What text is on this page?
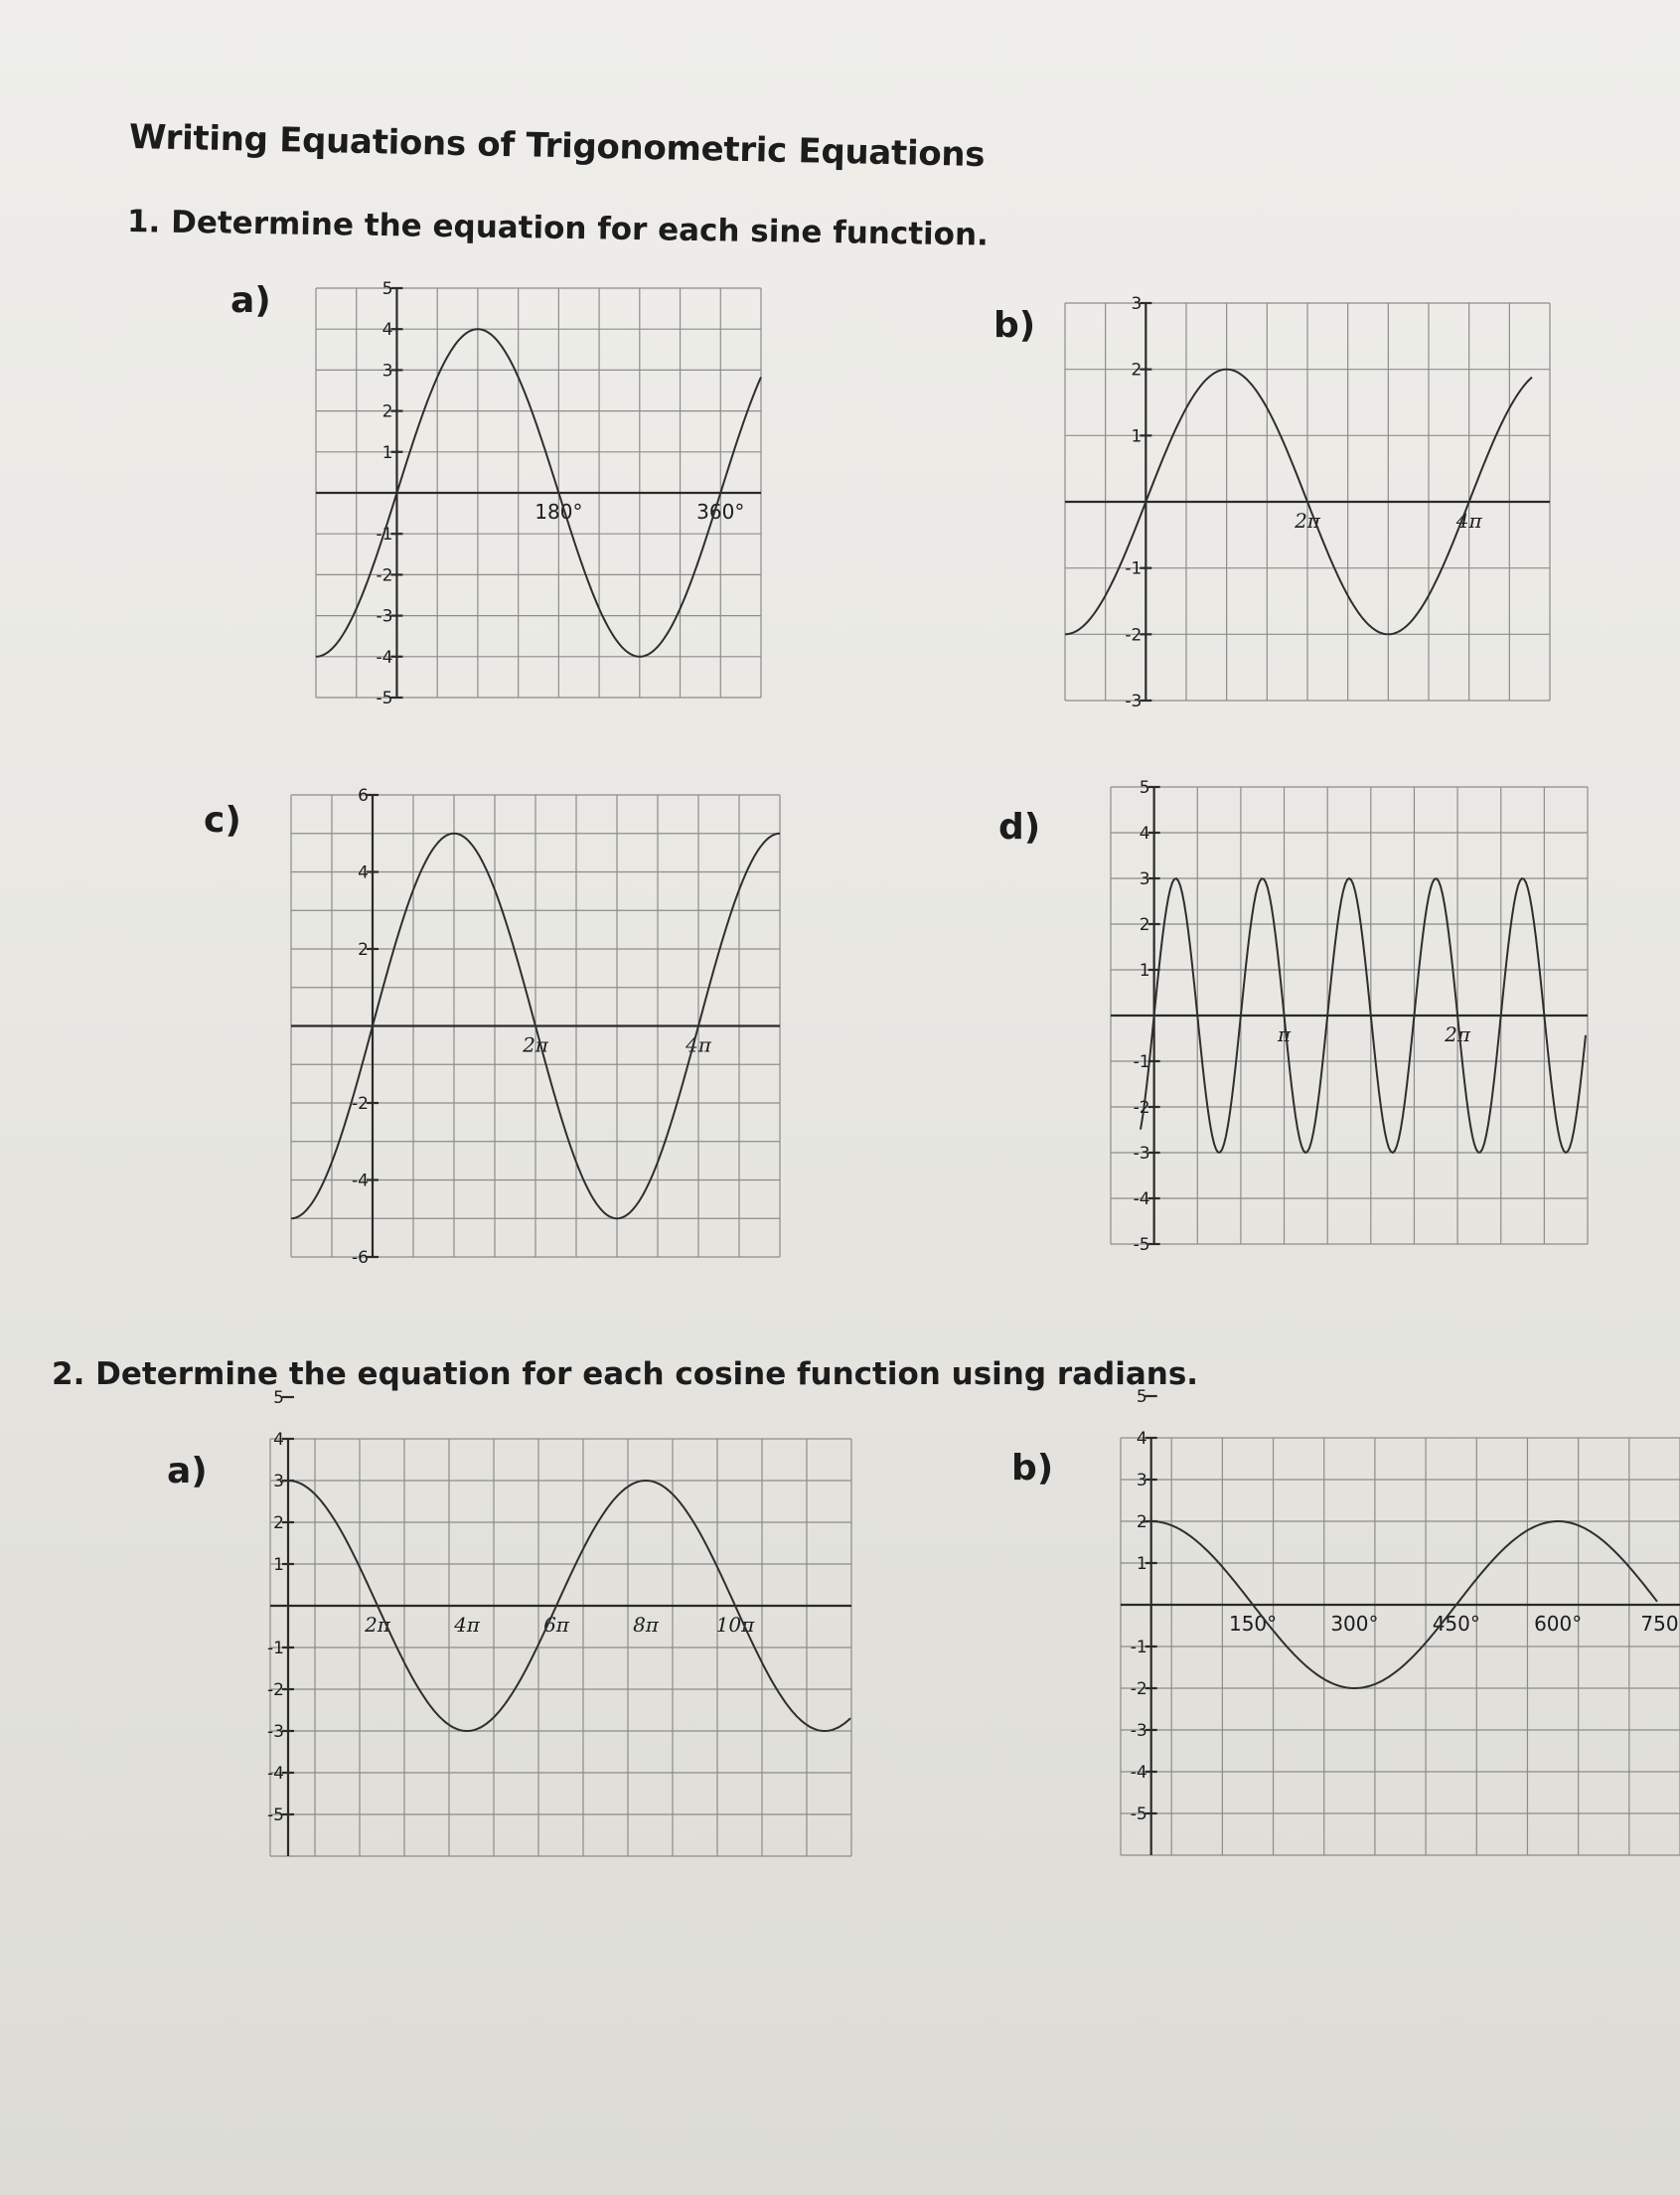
Writing Equations of Trigonometric Equations
1. Determine the equation for each sine function.
a)
b)
c)	d)
5
4
3
2
1
-1
-2
-3
-4
-5
180°	360°
3
2
1
-1
-2
-3
2π	4π
6
4
2
-2
-4
-6
2π	4π
5
4
3
2
1
-1
-2
-3
-4
-5
π	2π
2. Determine the equation for each cosine function using radians.
a)	b)
5
4
3
2
1
-1
-2
-3
-4
-5
2π	4π	6π	8π	10π
5
4
3
2
1
-1
-2
-3
-4
-5
150°	300°	450°	600°	750
